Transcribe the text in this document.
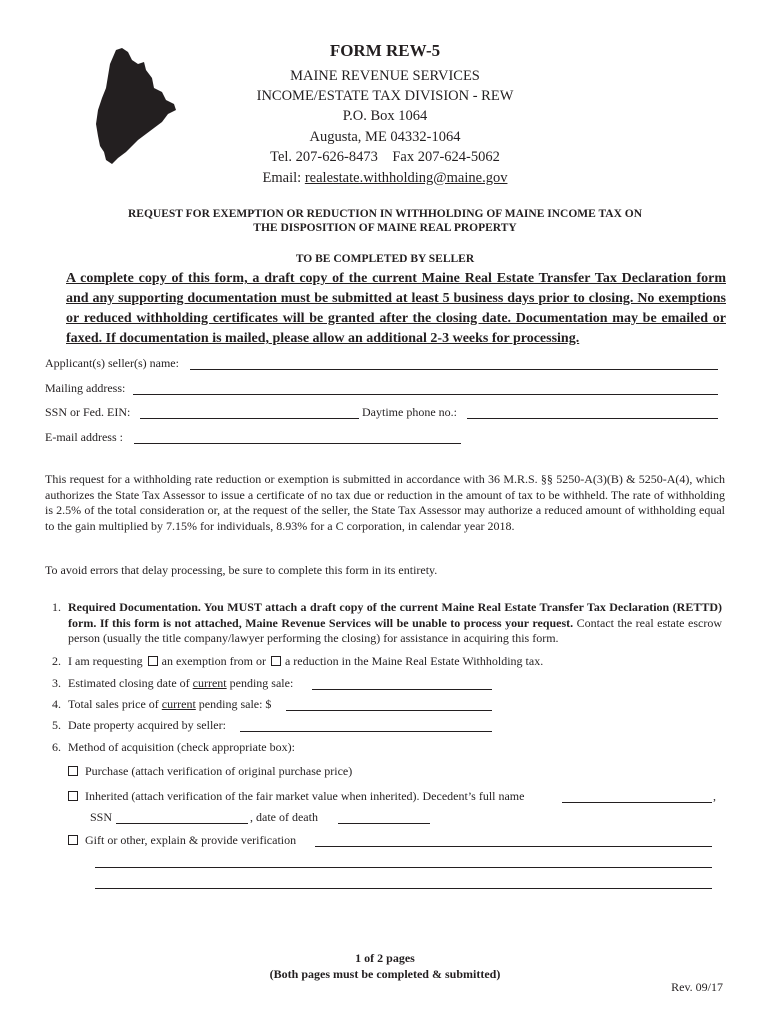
FORM REW-5
MAINE REVENUE SERVICES
INCOME/ESTATE TAX DIVISION - REW
P.O. Box 1064
Augusta, ME 04332-1064
Tel. 207-626-8473    Fax 207-624-5062
Email: realestate.withholding@maine.gov
REQUEST FOR EXEMPTION OR REDUCTION IN WITHHOLDING OF MAINE INCOME TAX ON
THE DISPOSITION OF MAINE REAL PROPERTY
TO BE COMPLETED BY SELLER
A complete copy of this form, a draft copy of the current Maine Real Estate Transfer Tax Declaration form and any supporting documentation must be submitted at least 5 business days prior to closing. No exemptions or reduced withholding certificates will be granted after the closing date. Documentation may be emailed or faxed. If documentation is mailed, please allow an additional 2-3 weeks for processing.
Applicant(s) seller(s) name:
Mailing address:
SSN or Fed. EIN:	Daytime phone no.:
E-mail address :
This request for a withholding rate reduction or exemption is submitted in accordance with 36 M.R.S. §§ 5250-A(3)(B) & 5250-A(4), which authorizes the State Tax Assessor to issue a certificate of no tax due or reduction in the amount of tax to be withheld. The rate of withholding is 2.5% of the total consideration or, at the request of the seller, the State Tax Assessor may authorize a reduced amount of withholding equal to the gain multiplied by 7.15% for individuals, 8.93% for a C corporation, in calendar year 2018.
To avoid errors that delay processing, be sure to complete this form in its entirety.
1. Required Documentation. You MUST attach a draft copy of the current Maine Real Estate Transfer Tax Declaration (RETTD) form. If this form is not attached, Maine Revenue Services will be unable to process your request. Contact the real estate escrow person (usually the title company/lawyer performing the closing) for assistance in acquiring this form.
2. I am requesting an exemption from or a reduction in the Maine Real Estate Withholding tax.
3. Estimated closing date of current pending sale:
4. Total sales price of current pending sale: $
5. Date property acquired by seller:
6. Method of acquisition (check appropriate box):
Purchase (attach verification of original purchase price)
Inherited (attach verification of the fair market value when inherited). Decedent’s full name	,
SSN	, date of death
Gift or other, explain & provide verification
1 of 2 pages
(Both pages must be completed & submitted)
Rev. 09/17
